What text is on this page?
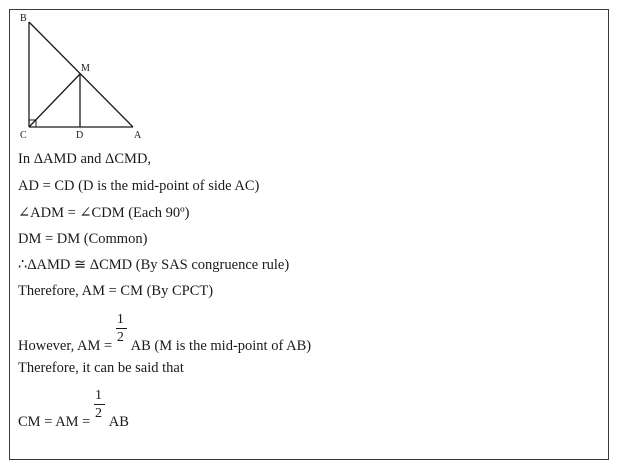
B
M
C	D	A
In ΔAMD and ΔCMD,
AD = CD (D is the mid-point of side AC)
∠ADM = ∠CDM (Each 90º)
DM = DM (Common)
∴ΔAMD ≅ ΔCMD (By SAS congruence rule)
Therefore, AM = CM (By CPCT)
However, AM = $\frac{1}{2}$ AB (M is the mid-point of AB)
Therefore, it can be said that
CM = AM = $\frac{1}{2}$ AB
